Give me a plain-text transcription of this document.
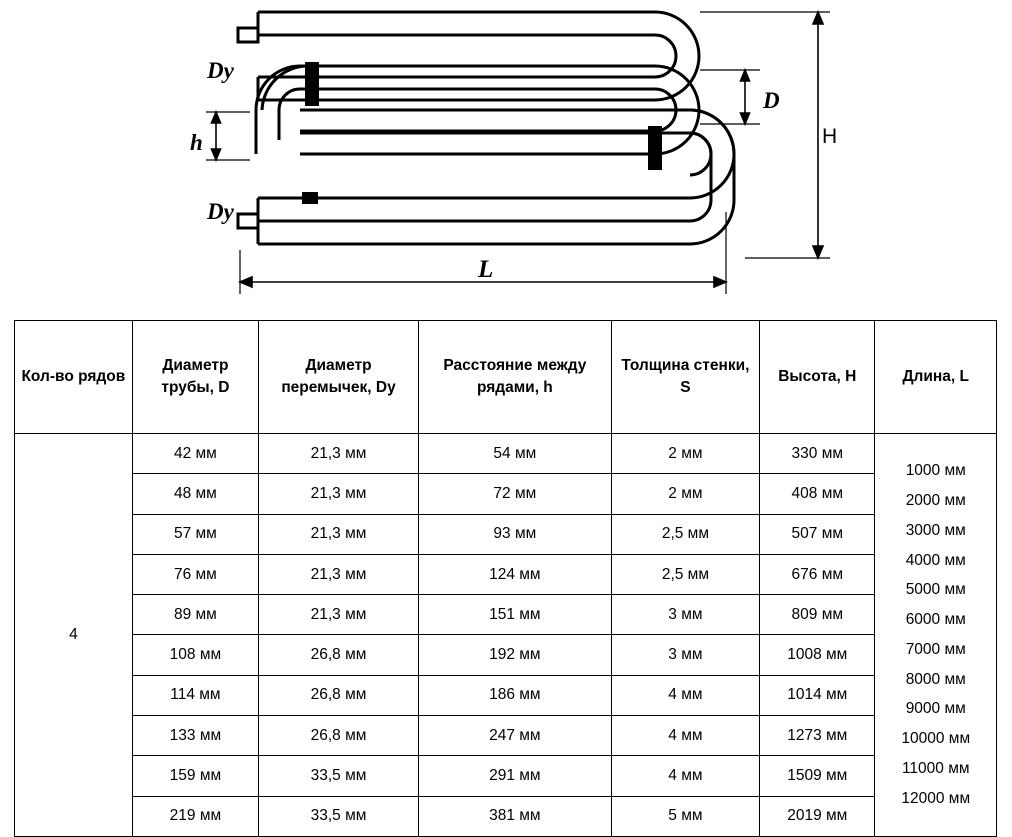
Dy
Dy
D
h	H
L
Кол-во рядов	Диаметр трубы, D	Диаметр перемычек, Dy	Расстояние между рядами, h	Толщина стенки, S	Высота, H	Длина, L
4	42 мм	21,3 мм	54 мм	2 мм	330 мм	
1000 мм
2000 мм
3000 мм
4000 мм
5000 мм
6000 мм
7000 мм
8000 мм
9000 мм
10000 мм
11000 мм
12000 мм

	48 мм	21,3 мм	72 мм	2 мм	408 мм	
	57 мм	21,3 мм	93 мм	2,5 мм	507 мм	
	76 мм	21,3 мм	124 мм	2,5 мм	676 мм	
	89 мм	21,3 мм	151 мм	3 мм	809 мм	
	108 мм	26,8 мм	192 мм	3 мм	1008 мм	
	114 мм	26,8 мм	186 мм	4 мм	1014 мм	
	133 мм	26,8 мм	247 мм	4 мм	1273 мм	
	159 мм	33,5 мм	291 мм	4 мм	1509 мм	
	219 мм	33,5 мм	381 мм	5 мм	2019 мм	
